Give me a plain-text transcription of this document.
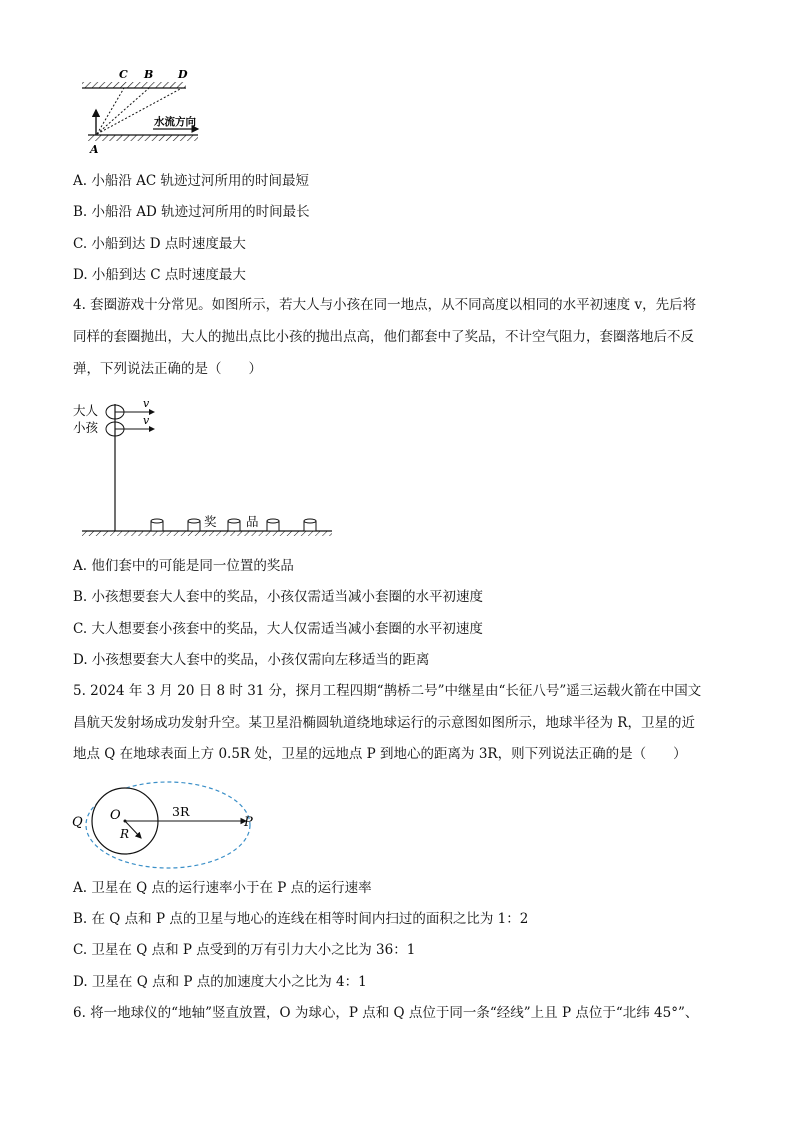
C B D
A
水流方向
A. 小船沿 AC 轨迹过河所用的时间最短
B. 小船沿 AD 轨迹过河所用的时间最长
C. 小船到达 D 点时速度最大
D. 小船到达 C 点时速度最大
4. 套圈游戏十分常见。如图所示，若大人与小孩在同一地点，从不同高度以相同的水平初速度 v，先后将
同样的套圈抛出，大人的抛出点比小孩的抛出点高，他们都套中了奖品，不计空气阻力，套圈落地后不反
弹，下列说法正确的是（　　）
大人
小孩
v
v
奖 品
A. 他们套中的可能是同一位置的奖品
B. 小孩想要套大人套中的奖品，小孩仅需适当减小套圈的水平初速度
C. 大人想要套小孩套中的奖品，大人仅需适当减小套圈的水平初速度
D. 小孩想要套大人套中的奖品，小孩仅需向左移适当的距离
5. 2024 年 3 月 20 日 8 时 31 分，探月工程四期“鹊桥二号”中继星由“长征八号”遥三运载火箭在中国文
昌航天发射场成功发射升空。某卫星沿椭圆轨道绕地球运行的示意图如图所示，地球半径为 R，卫星的近
地点 Q 在地球表面上方 0.5R 处，卫星的远地点 P 到地心的距离为 3R，则下列说法正确的是（　　）
Q O
R
3R
P
A. 卫星在 Q 点的运行速率小于在 P 点的运行速率
B. 在 Q 点和 P 点的卫星与地心的连线在相等时间内扫过的面积之比为 1：2
C. 卫星在 Q 点和 P 点受到的万有引力大小之比为 36：1
D. 卫星在 Q 点和 P 点的加速度大小之比为 4：1
6. 将一地球仪的“地轴”竖直放置，O 为球心，P 点和 Q 点位于同一条“经线”上且 P 点位于“北纬 45°”、
